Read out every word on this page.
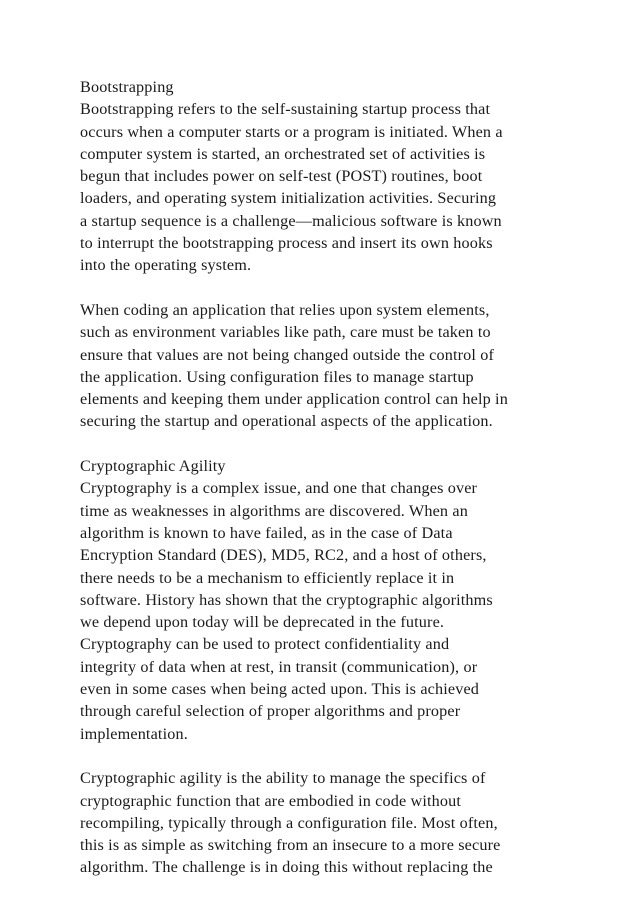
Bootstrapping
Bootstrapping refers to the self-sustaining startup process that
occurs when a computer starts or a program is initiated. When a
computer system is started, an orchestrated set of activities is
begun that includes power on self-test (POST) routines, boot
loaders, and operating system initialization activities. Securing
a startup sequence is a challenge—malicious software is known
to interrupt the bootstrapping process and insert its own hooks
into the operating system.
When coding an application that relies upon system elements,
such as environment variables like path, care must be taken to
ensure that values are not being changed outside the control of
the application. Using configuration files to manage startup
elements and keeping them under application control can help in
securing the startup and operational aspects of the application.
Cryptographic Agility
Cryptography is a complex issue, and one that changes over
time as weaknesses in algorithms are discovered. When an
algorithm is known to have failed, as in the case of Data
Encryption Standard (DES), MD5, RC2, and a host of others,
there needs to be a mechanism to efficiently replace it in
software. History has shown that the cryptographic algorithms
we depend upon today will be deprecated in the future.
Cryptography can be used to protect confidentiality and
integrity of data when at rest, in transit (communication), or
even in some cases when being acted upon. This is achieved
through careful selection of proper algorithms and proper
implementation.
Cryptographic agility is the ability to manage the specifics of
cryptographic function that are embodied in code without
recompiling, typically through a configuration file. Most often,
this is as simple as switching from an insecure to a more secure
algorithm. The challenge is in doing this without replacing the
